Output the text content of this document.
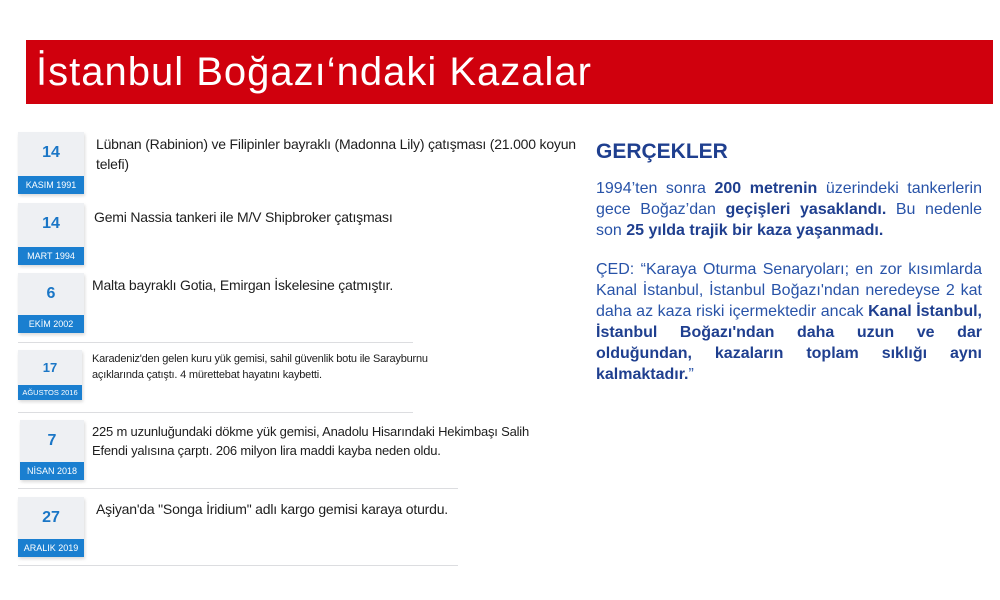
İstanbul Boğazı‘ndaki Kazalar
14
KASIM 1991
Lübnan (Rabinion) ve Filipinler bayraklı (Madonna Lily) çatışması (21.000 koyun telefi)
14
MART 1994
Gemi Nassia tankeri ile M/V Shipbroker çatışması
6
EKİM 2002
Malta bayraklı Gotia, Emirgan İskelesine çatmıştır.
17
AĞUSTOS 2016
Karadeniz'den gelen kuru yük gemisi, sahil güvenlik botu ile Sarayburnu açıklarında çatıştı. 4 mürettebat hayatını kaybetti.
7
NİSAN 2018
225 m uzunluğundaki dökme yük gemisi, Anadolu Hisarındaki Hekimbaşı Salih Efendi yalısına çarptı. 206 milyon lira maddi kayba neden oldu.
27
ARALIK 2019
Aşiyan'da "Songa İridium" adlı kargo gemisi karaya oturdu.
GERÇEKLER
1994’ten sonra 200 metrenin üzerindeki tankerlerin gece Boğaz’dan geçişleri yasaklandı. Bu nedenle son 25 yılda trajik bir kaza yaşanmadı.
ÇED: “Karaya Oturma Senaryoları; en zor kısımlarda Kanal İstanbul, İstanbul Boğazı'ndan neredeyse 2 kat daha az kaza riski içermektedir ancak Kanal İstanbul, İstanbul Boğazı'ndan daha uzun ve dar olduğundan, kazaların toplam sıklığı aynı kalmaktadır.”
